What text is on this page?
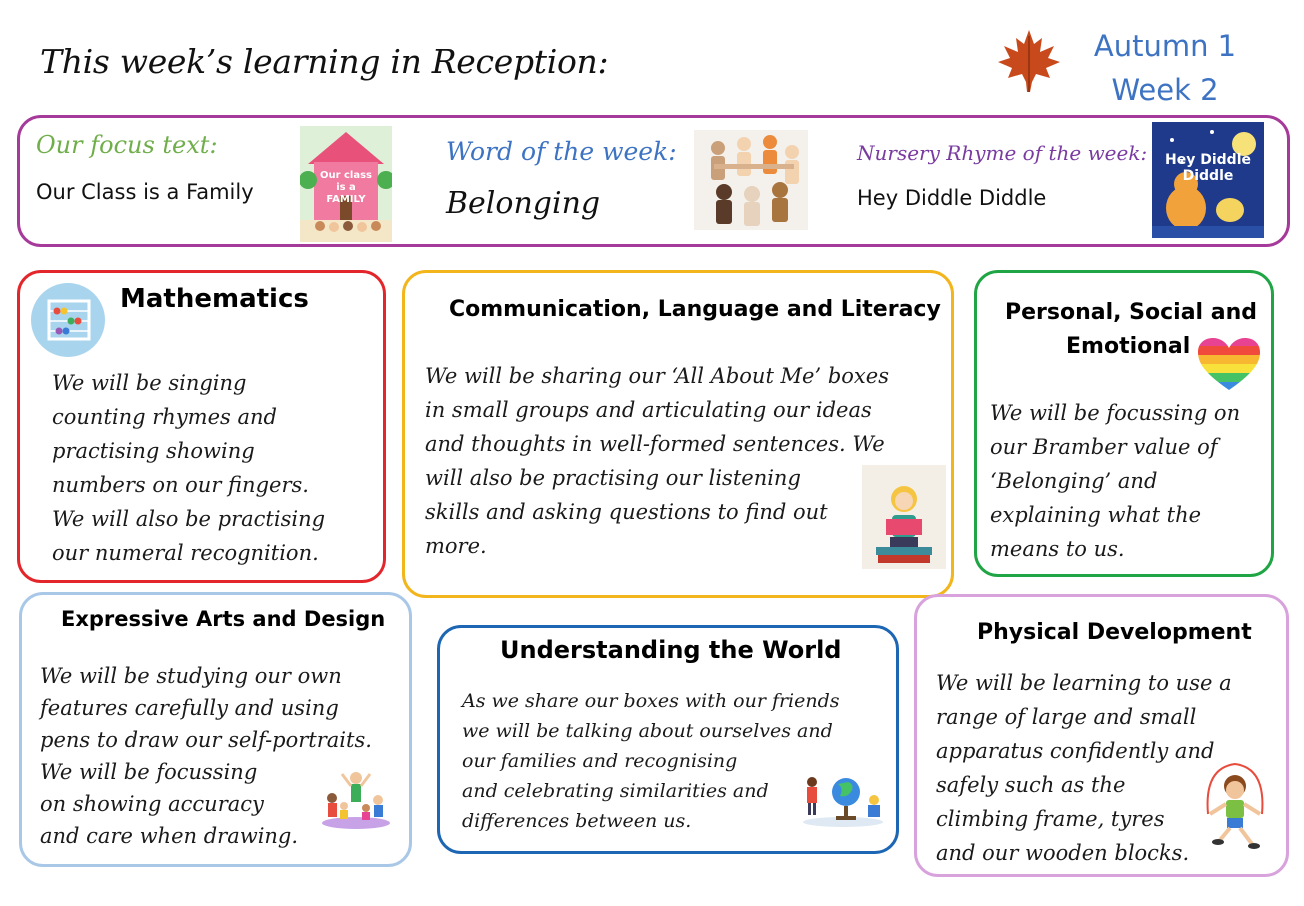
This week’s learning in Reception:	Autumn 1
Week 2
Our focus text:
Our Class is a Family
Our class is a FAMILY
Word of the week:
Belonging
Nursery Rhyme of the week:
Hey Diddle Diddle
Hey Diddle Diddle
Mathematics
We will be singing
counting rhymes and
practising showing
numbers on our fingers.
We will also be practising
our numeral recognition.
Communication, Language and Literacy
We will be sharing our ‘All About Me’ boxes
in small groups and articulating our ideas
and thoughts in well-formed sentences. We
will also be practising our listening
skills and asking questions to find out
more.
Personal, Social and
Emotional
We will be focussing on
our Bramber value of
‘Belonging’ and
explaining what the
means to us.
Expressive Arts and Design
We will be studying our own
features carefully and using
pens to draw our self-portraits.
We will be focussing
on showing accuracy
and care when drawing.
Understanding the World
As we share our boxes with our friends
we will be talking about ourselves and
our families and recognising
and celebrating similarities and
differences between us.
Physical Development
We will be learning to use a
range of large and small
apparatus confidently and
safely such as the
climbing frame, tyres
and our wooden blocks.
